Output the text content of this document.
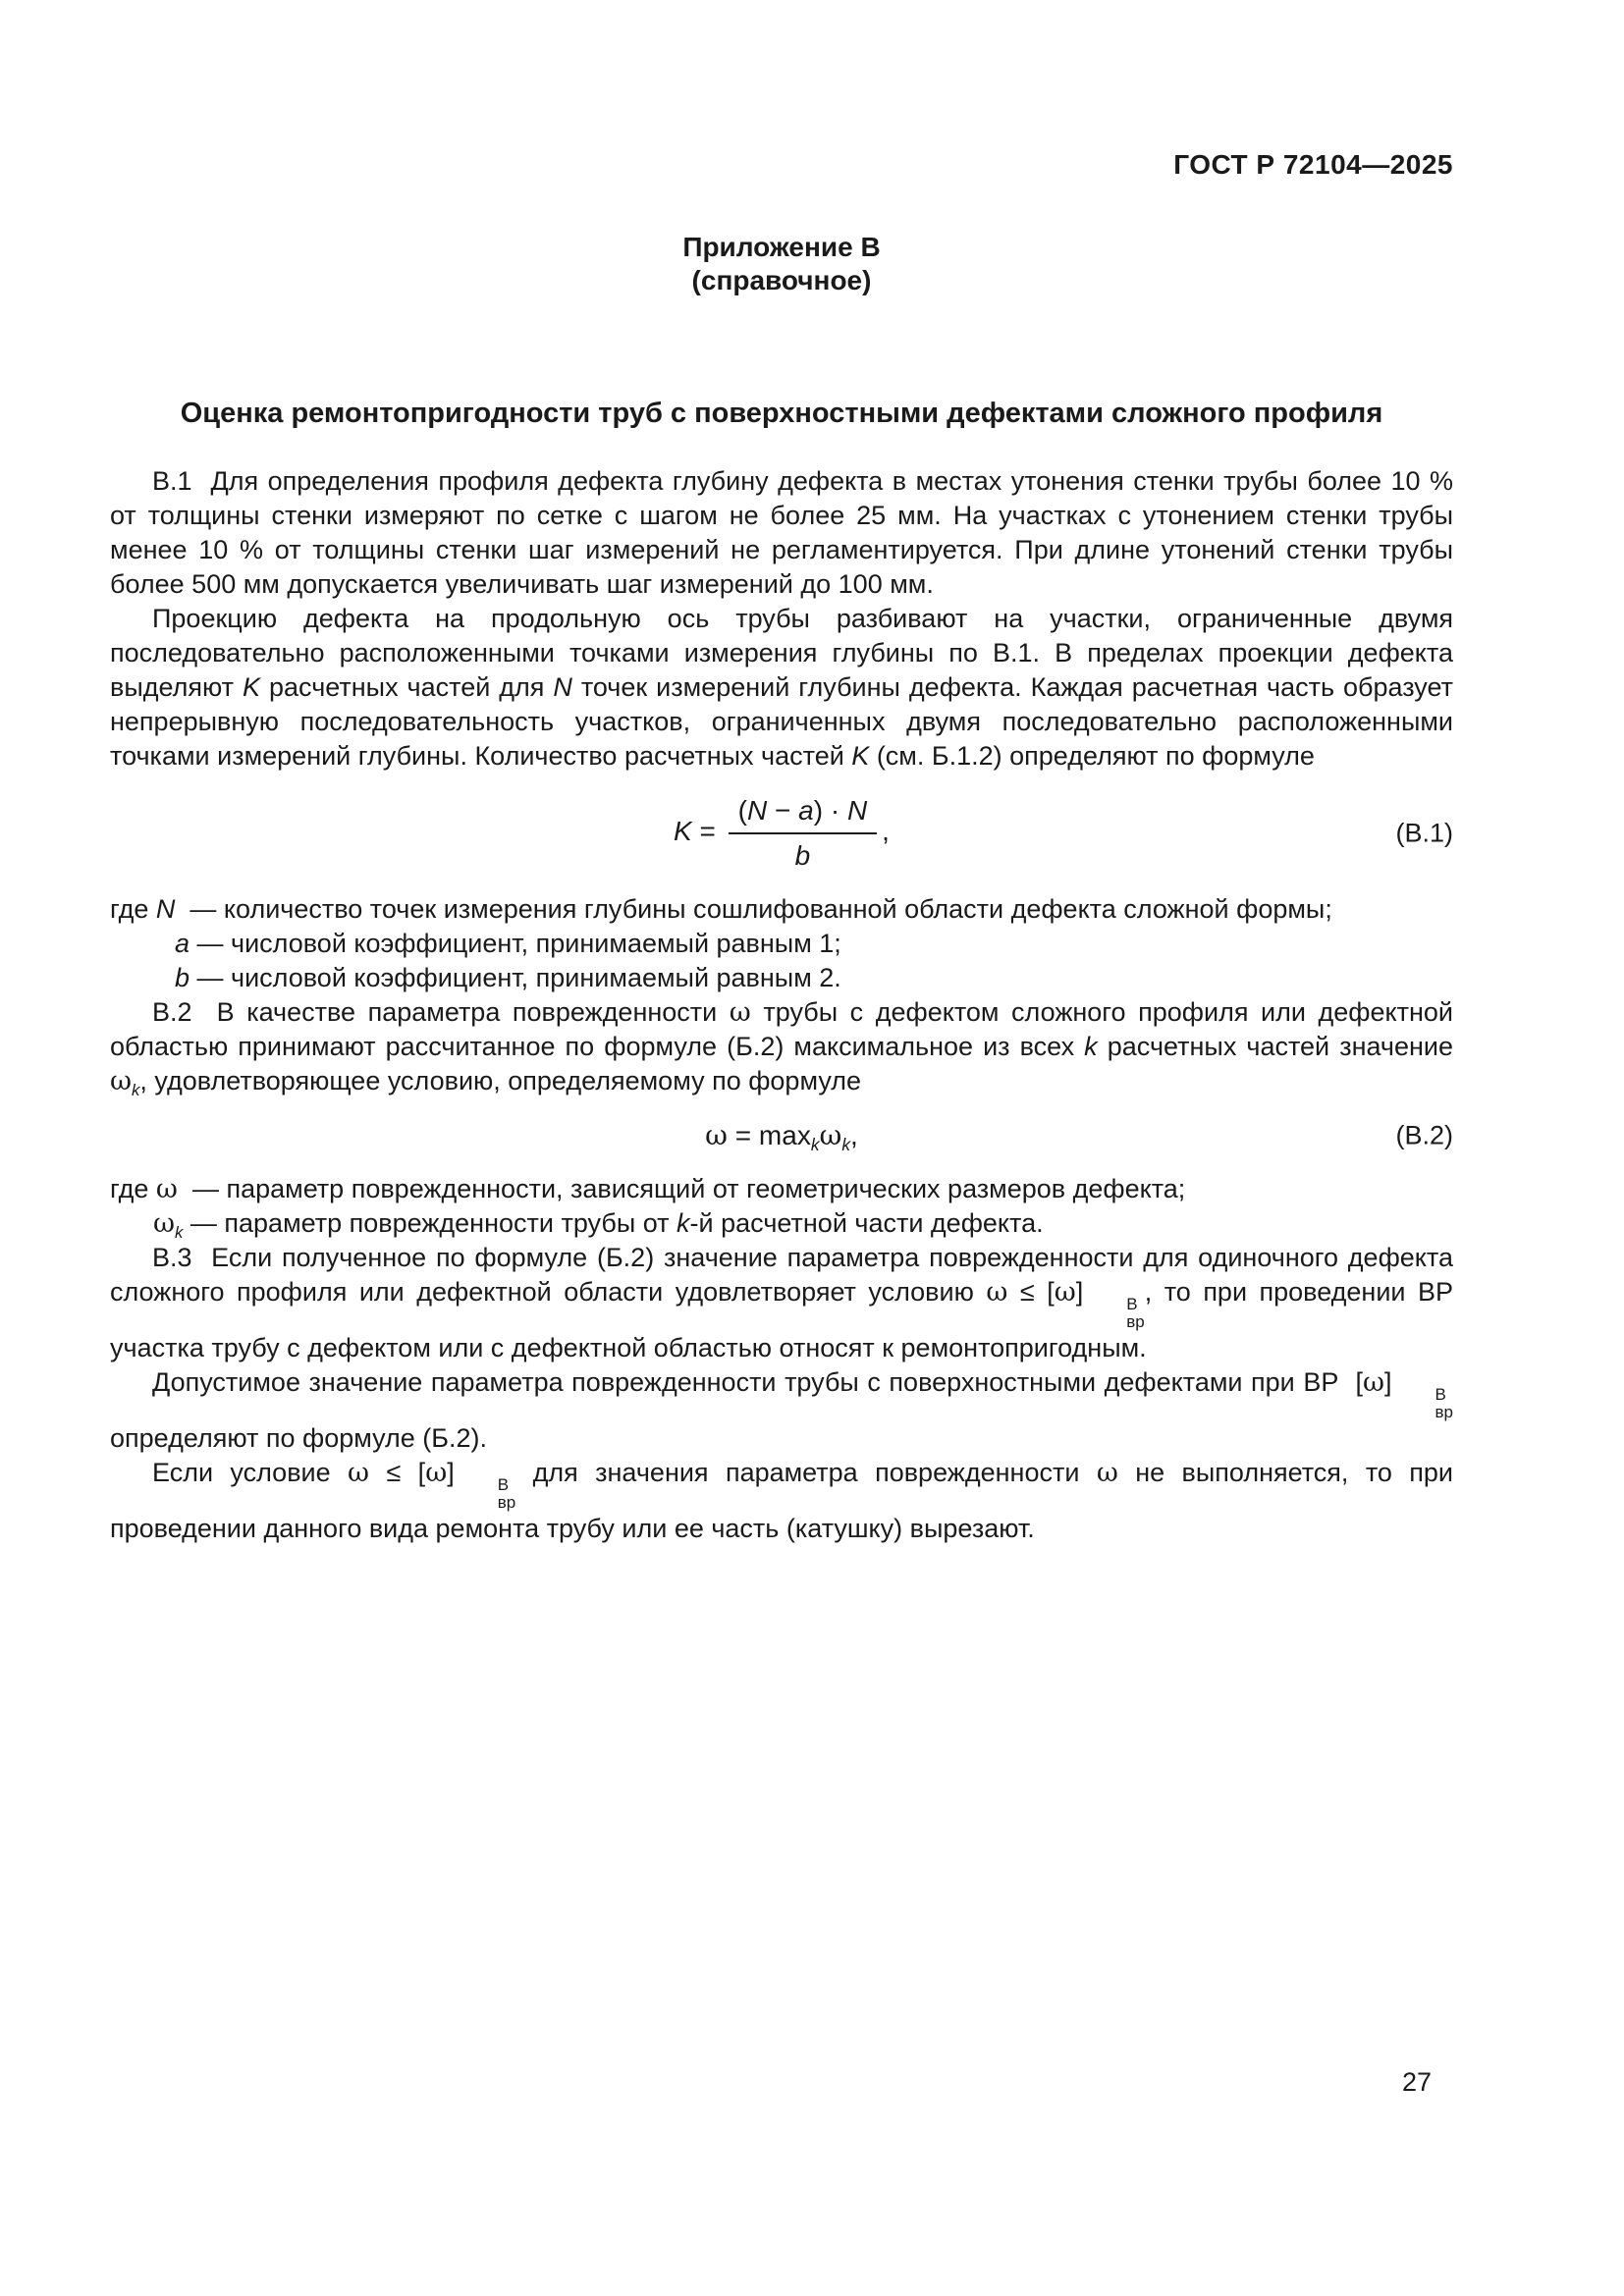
ГОСТ Р 72104—2025
Приложение В
(справочное)
Оценка ремонтопригодности труб с поверхностными дефектами сложного профиля

В.1  Для определения профиля дефекта глубину дефекта в местах утонения стенки трубы более 10 % от толщины стенки измеряют по сетке с шагом не более 25 мм. На участках с утонением стенки трубы менее 10 % от толщины стенки шаг измерений не регламентируется. При длине утонений стенки трубы более 500 мм допускается увеличивать шаг измерений до 100 мм.

Проекцию дефекта на продольную ось трубы разбивают на участки, ограниченные двумя последовательно расположенными точками измерения глубины по В.1. В пределах проекции дефекта выделяют K расчетных частей для N точек измерений глубины дефекта. Каждая расчетная часть образует непрерывную последовательность участков, ограниченных двумя последовательно расположенными точками измерений глубины. Количество расчетных частей K (см. Б.1.2) определяют по формуле

$K = \frac{(N - a) \cdot N}{b}$ ,	(В.1)

где N  — количество точек измерения глубины сошлифованной области дефекта сложной формы;

a — числовой коэффициент, принимаемый равным 1;

b — числовой коэффициент, принимаемый равным 2.

В.2  В качестве параметра поврежденности ω трубы с дефектом сложного профиля или дефектной областью принимают рассчитанное по формуле (Б.2) максимальное из всех k расчетных частей значение $\omega_k$, удовлетворяющее условию, определяемому по формуле

$\omega = \max_k\omega_k$,	(В.2)

где ω  — параметр поврежденности, зависящий от геометрических размеров дефекта;

$\omega_k$ — параметр поврежденности трубы от k-й расчетной части дефекта.

В.3  Если полученное по формуле (Б.2) значение параметра поврежденности для одиночного дефекта сложного профиля или дефектной области удовлетворяет условию ω ≤ [ω]	В
вр
, то при проведении ВР участка трубу с дефектом или с дефектной областью относят к ремонтопригодным.

Допустимое значение параметра поврежденности трубы с поверхностными дефектами при ВР  [ω]	В
вр
определяют по формуле (Б.2).

Если условие ω ≤ [ω]	В
вр
для значения параметра поврежденности ω не выполняется, то при проведении данного вида ремонта трубу или ее часть (катушку) вырезают.

27
